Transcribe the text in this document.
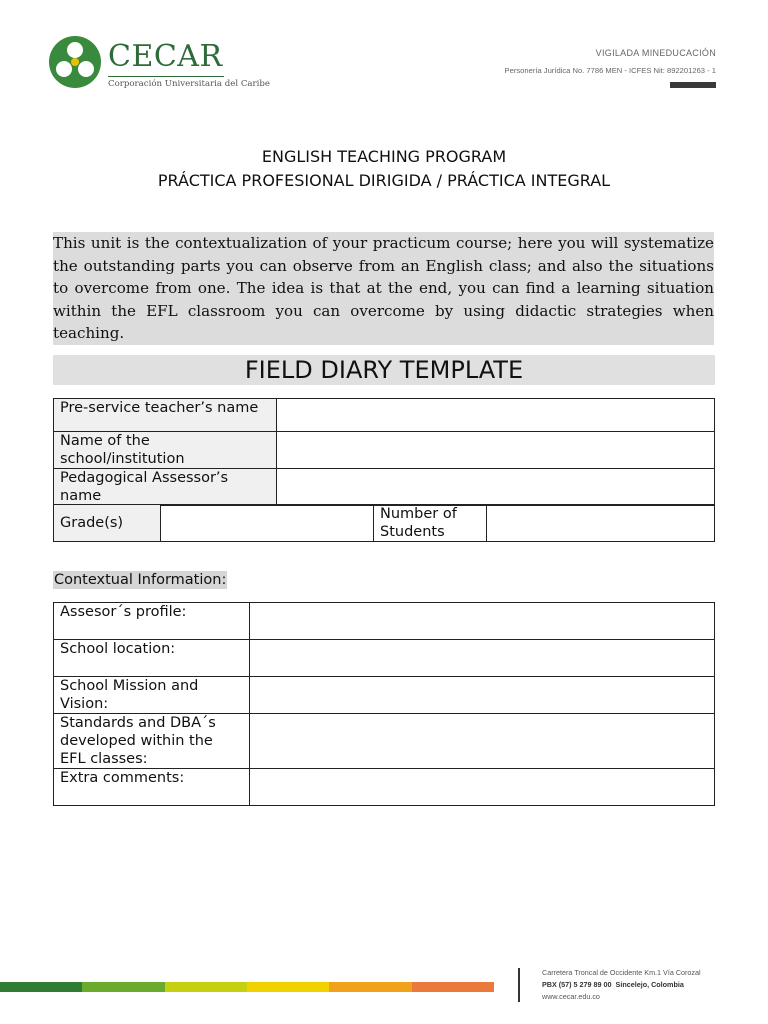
CECAR
Corporación Universitaria del Caribe
VIGILADA MINEDUCACIÓN
Personería Jurídica No. 7786 MEN - ICFES Nit: 892201263 - 1
ENGLISH TEACHING PROGRAM
PRÁCTICA PROFESIONAL DIRIGIDA / PRÁCTICA INTEGRAL
This unit is the contextualization of your practicum course; here you will systematize the outstanding parts you can observe from an English class; and also the situations to overcome from one. The idea is that at the end, you can find a learning situation within the EFL classroom you can overcome by using didactic strategies when teaching.
FIELD DIARY TEMPLATE
Pre-service teacher’s name	
Name of the school/institution	
Pedagogical Assessor’s name	
Grade(s)		Number of Students	
Contextual Information:
Assesor´s profile:	
School location:	
School Mission and Vision:	
Standards and DBA´s developed within the EFL classes:	
Extra comments:	
Carretera Troncal de Occidente Km.1 Vía Corozal
PBX (57) 5 279 89 00 Sincelejo, Colombia
www.cecar.edu.co
